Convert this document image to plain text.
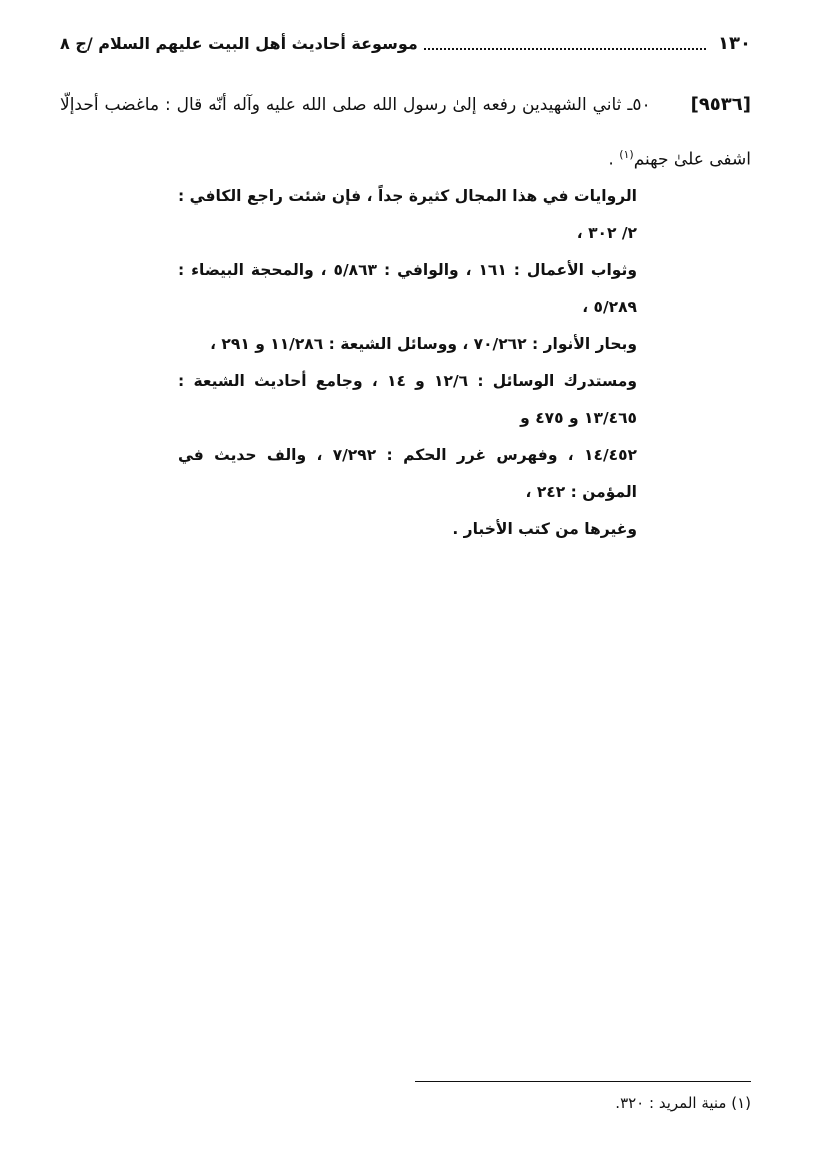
١٣٠
موسوعة أحاديث أهل البيت عليهم السلام /ج ٨
[٩٥٣٦]٥٠ـ ثاني الشهيدين رفعه إلىٰ رسول الله صلى الله عليه وآله أنّه قال : ماغضب أحدإلّا اشفى علىٰ جهنم$^{(١)}$ .

الروايات في هذا المجال كثيرة جداً ، فإن شئت راجع الكافي : ٢/ ٣٠٢ ،

وثواب الأعمال : ١٦١ ، والوافي : ٥/٨٦٣ ، والمحجة البيضاء : ٥/٢٨٩ ،

وبحار الأنوار : ٧٠/٢٦٢ ، ووسائل الشيعة : ١١/٢٨٦ و ٢٩١ ،

ومستدرك الوسائل : ١٢/٦ و ١٤ ، وجامع أحاديث الشيعة : ١٣/٤٦٥ و ٤٧٥ و

١٤/٤٥٢ ، وفهرس غرر الحكم : ٧/٢٩٢ ، والف حديث في المؤمن : ٢٤٢ ،

وغيرها من كتب الأخبار .

(١) منية المريد : ٣٢٠.
